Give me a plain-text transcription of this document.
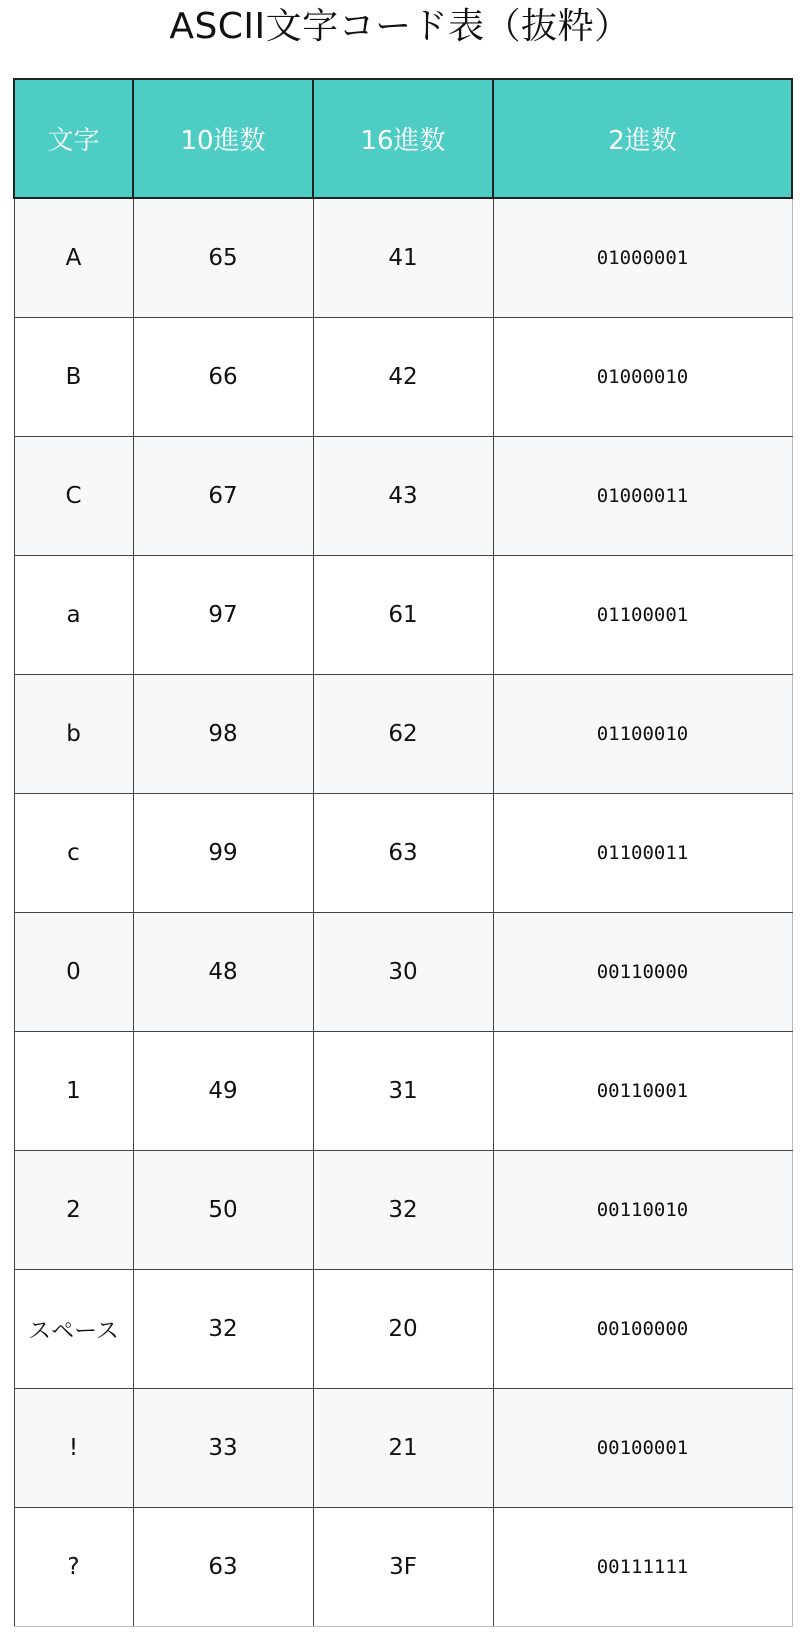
ASCII文字コード表（抜粋）
文字	10進数	16進数	2進数
A	65	41	01000001
B	66	42	01000010
C	67	43	01000011
a	97	61	01100001
b	98	62	01100010
c	99	63	01100011
0	48	30	00110000
1	49	31	00110001
2	50	32	00110010
スペース	32	20	00100000
!	33	21	00100001
?	63	3F	00111111
